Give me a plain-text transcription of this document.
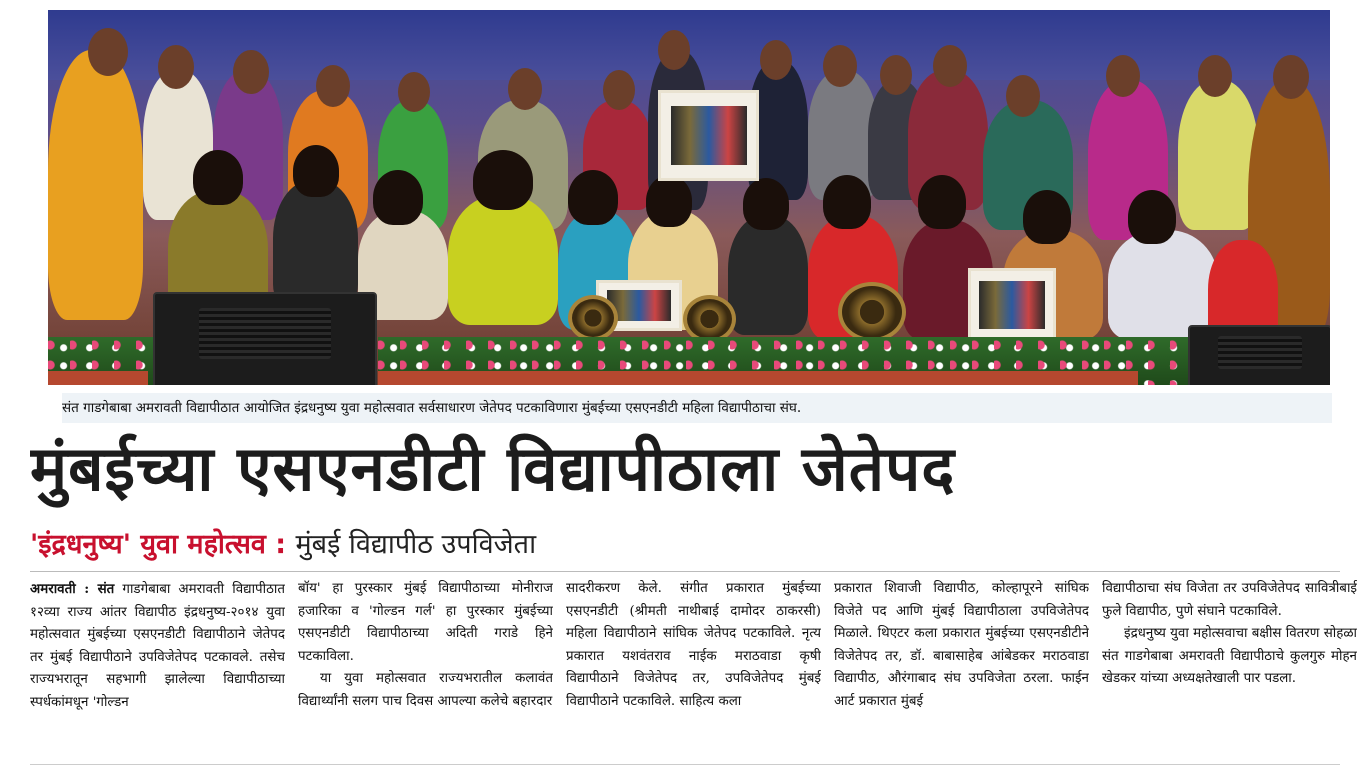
संत गाडगेबाबा अमरावती विद्यापीठात आयोजित इंद्रधनुष्य युवा महोत्सवात सर्वसाधारण जेतेपद पटकाविणारा मुंबईच्या एसएनडीटी महिला विद्यापीठाचा संघ.
मुंबईच्या एसएनडीटी विद्यापीठाला जेतेपद
'इंद्रधनुष्य' युवा महोत्सव : मुंबई विद्यापीठ उपविजेता

अमरावती : संत गाडगेबाबा अमरावती विद्यापीठात १२व्या राज्य आंतर विद्यापीठ इंद्रधनुष्य-२०१४ युवा महोत्सवात मुंबईच्या एसएनडीटी विद्यापीठाने जेतेपद तर मुंबई विद्यापीठाने उपविजेतेपद पटकावले. तसेच राज्यभरातून सहभागी झालेल्या विद्यापीठाच्या स्पर्धकांमधून 'गोल्डन

बॉय' हा पुरस्कार मुंबई विद्यापीठाच्या मोनीराज हजारिका व 'गोल्डन गर्ल' हा पुरस्कार मुंबईच्या एसएनडीटी विद्यापीठाच्या अदिती गराडे हिने पटकाविला.

या युवा महोत्सवात राज्यभरातील कलावंत विद्यार्थ्यांनी सलग पाच दिवस आपल्या कलेचे बहारदार

सादरीकरण केले. संगीत प्रकारात मुंबईच्या एसएनडीटी (श्रीमती नाथीबाई दामोदर ठाकरसी) महिला विद्यापीठाने सांघिक जेतेपद पटकाविले. नृत्य प्रकारात यशवंतराव नाईक मराठवाडा कृषी विद्यापीठाने विजेतेपद तर, उपविजेतेपद मुंबई विद्यापीठाने पटकाविले. साहित्य कला

प्रकारात शिवाजी विद्यापीठ, कोल्हापूरने सांघिक विजेते पद आणि मुंबई विद्यापीठाला उपविजेतेपद मिळाले. थिएटर कला प्रकारात मुंबईच्या एसएनडीटीने विजेतेपद तर, डॉ. बाबासाहेब आंबेडकर मराठवाडा विद्यापीठ, औरंगाबाद संघ उपविजेता ठरला. फाईन आर्ट प्रकारात मुंबई

विद्यापीठाचा संघ विजेता तर उपविजेतेपद सावित्रीबाई फुले विद्यापीठ, पुणे संघाने पटकाविले.

इंद्रधनुष्य युवा महोत्सवाचा बक्षीस वितरण सोहळा संत गाडगेबाबा अमरावती विद्यापीठाचे कुलगुरु मोहन खेडकर यांच्या अध्यक्षतेखाली पार पडला.
